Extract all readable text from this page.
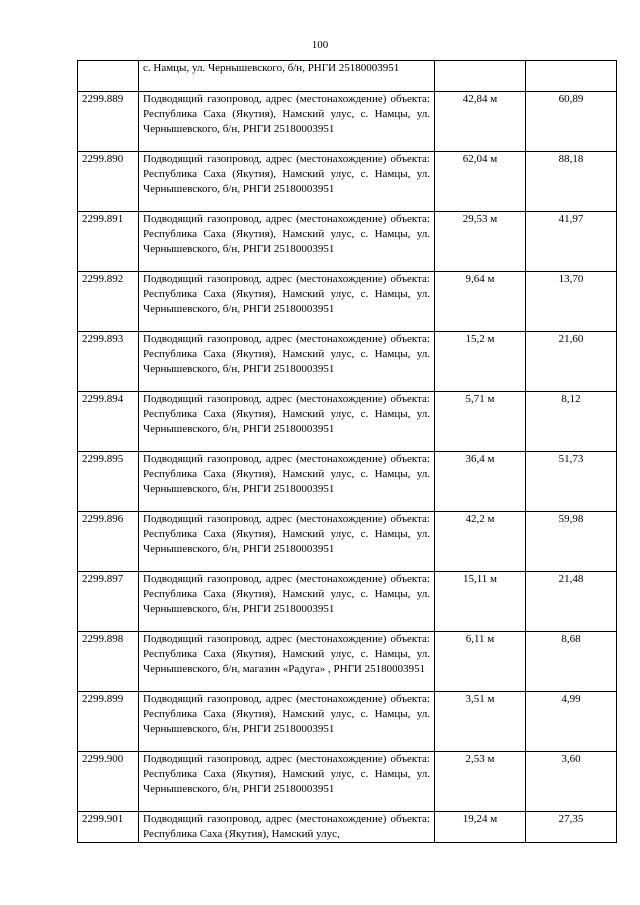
100
	с. Намцы, ул. Чернышевского, б/н, РНГИ 25180003951		
2299.889	Подводящий газопровод, адрес (местонахождение) объекта: Республика Саха (Якутия), Намский улус, с. Намцы, ул. Чернышевского, б/н, РНГИ 25180003951	42,84 м	60,89
2299.890	Подводящий газопровод, адрес (местонахождение) объекта: Республика Саха (Якутия), Намский улус, с. Намцы, ул. Чернышевского, б/н, РНГИ 25180003951	62,04 м	88,18
2299.891	Подводящий газопровод, адрес (местонахождение) объекта: Республика Саха (Якутия), Намский улус, с. Намцы, ул. Чернышевского, б/н, РНГИ 25180003951	29,53 м	41,97
2299.892	Подводящий газопровод, адрес (местонахождение) объекта: Республика Саха (Якутия), Намский улус, с. Намцы, ул. Чернышевского, б/н, РНГИ 25180003951	9,64 м	13,70
2299.893	Подводящий газопровод, адрес (местонахождение) объекта: Республика Саха (Якутия), Намский улус, с. Намцы, ул. Чернышевского, б/н, РНГИ 25180003951	15,2 м	21,60
2299.894	Подводящий газопровод, адрес (местонахождение) объекта: Республика Саха (Якутия), Намский улус, с. Намцы, ул. Чернышевского, б/н, РНГИ 25180003951	5,71 м	8,12
2299.895	Подводящий газопровод, адрес (местонахождение) объекта: Республика Саха (Якутия), Намский улус, с. Намцы, ул. Чернышевского, б/н, РНГИ 25180003951	36,4 м	51,73
2299.896	Подводящий газопровод, адрес (местонахождение) объекта: Республика Саха (Якутия), Намский улус, с. Намцы, ул. Чернышевского, б/н, РНГИ 25180003951	42,2 м	59,98
2299.897	Подводящий газопровод, адрес (местонахождение) объекта: Республика Саха (Якутия), Намский улус, с. Намцы, ул. Чернышевского, б/н, РНГИ 25180003951	15,11 м	21,48
2299.898	Подводящий газопровод, адрес (местонахождение) объекта: Республика Саха (Якутия), Намский улус, с. Намцы, ул. Чернышевского, б/н, магазин «Радуга» , РНГИ 25180003951	6,11 м	8,68
2299.899	Подводящий газопровод, адрес (местонахождение) объекта: Республика Саха (Якутия), Намский улус, с. Намцы, ул. Чернышевского, б/н, РНГИ 25180003951	3,51 м	4,99
2299.900	Подводящий газопровод, адрес (местонахождение) объекта: Республика Саха (Якутия), Намский улус, с. Намцы, ул. Чернышевского, б/н, РНГИ 25180003951	2,53 м	3,60
2299.901	Подводящий газопровод, адрес (местонахождение) объекта: Республика Саха (Якутия), Намский улус,	19,24 м	27,35
